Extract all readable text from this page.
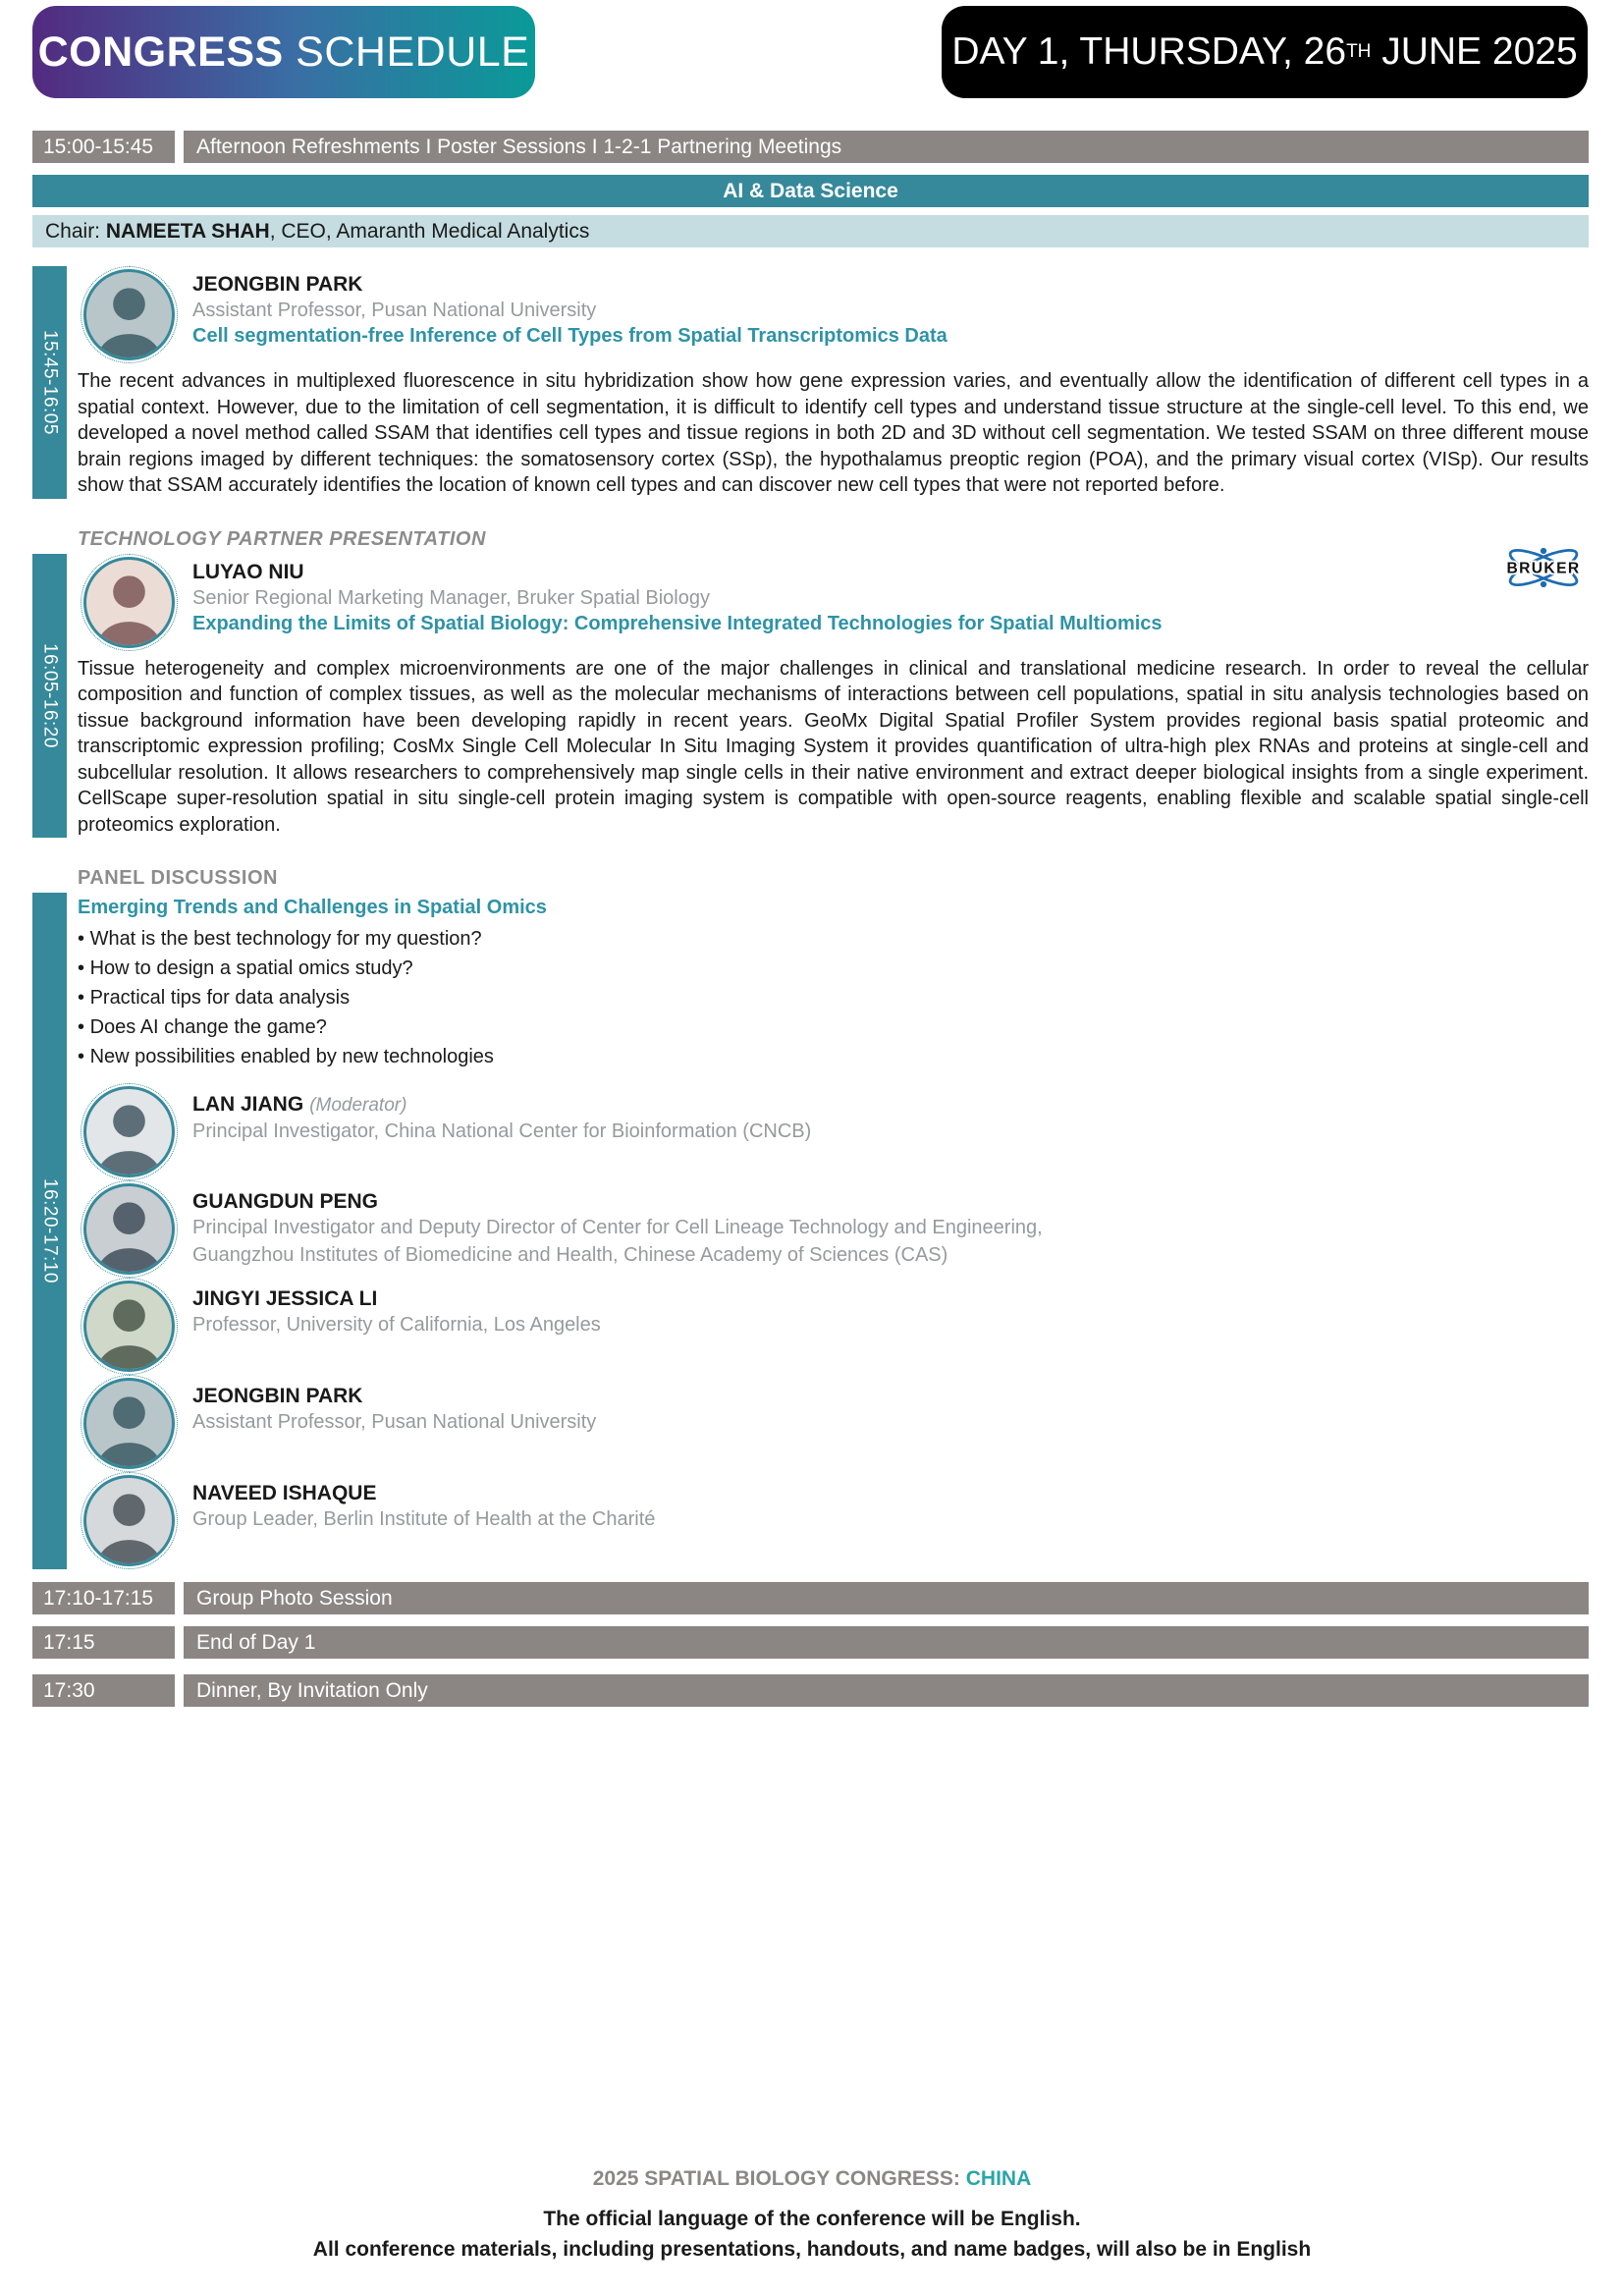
CONGRESS SCHEDULE	DAY 1, THURSDAY, 26 TH JUNE 2025
15:00-15:45	Afternoon Refreshments I Poster Sessions I 1-2-1 Partnering Meetings
AI & Data Science
Chair: NAMEETA SHAH , CEO, Amaranth Medical Analytics
15:45-16:05
JEONGBIN PARK
Assistant Professor, Pusan National University
Cell segmentation-free Inference of Cell Types from Spatial Transcriptomics Data
The recent advances in multiplexed fluorescence in situ hybridization show how gene expression varies, and eventually allow the identification of different cell types in a spatial context. However, due to the limitation of cell segmentation, it is difficult to identify cell types and understand tissue structure at the single-cell level. To this end, we developed a novel method called SSAM that identifies cell types and tissue regions in both 2D and 3D without cell segmentation. We tested SSAM on three different mouse brain regions imaged by different techniques: the somatosensory cortex (SSp), the hypothalamus preoptic region (POA), and the primary visual cortex (VISp). Our results show that SSAM accurately identifies the location of known cell types and can discover new cell types that were not reported before.
TECHNOLOGY PARTNER PRESENTATION
16:05-16:20
BRUKER
LUYAO NIU
Senior Regional Marketing Manager, Bruker Spatial Biology
Expanding the Limits of Spatial Biology: Comprehensive Integrated Technologies for Spatial Multiomics
Tissue heterogeneity and complex microenvironments are one of the major challenges in clinical and translational medicine research. In order to reveal the cellular composition and function of complex tissues, as well as the molecular mechanisms of interactions between cell populations, spatial in situ analysis technologies based on tissue background information have been developing rapidly in recent years. GeoMx Digital Spatial Profiler System provides regional basis spatial proteomic and transcriptomic expression profiling; CosMx Single Cell Molecular In Situ Imaging System it provides quantification of ultra-high plex RNAs and proteins at single-cell and subcellular resolution. It allows researchers to comprehensively map single cells in their native environment and extract deeper biological insights from a single experiment. CellScape super-resolution spatial in situ single-cell protein imaging system is compatible with open-source reagents, enabling flexible and scalable spatial single-cell proteomics exploration.
PANEL DISCUSSION
16:20-17:10
Emerging Trends and Challenges in Spatial Omics
• What is the best technology for my question?
• How to design a spatial omics study?
• Practical tips for data analysis
• Does AI change the game?
• New possibilities enabled by new technologies
LAN JIANG (Moderator)
Principal Investigator, China National Center for Bioinformation (CNCB)
GUANGDUN PENG
Principal Investigator and Deputy Director of Center for Cell Lineage Technology and Engineering,
Guangzhou Institutes of Biomedicine and Health, Chinese Academy of Sciences (CAS)
JINGYI JESSICA LI
Professor, University of California, Los Angeles
JEONGBIN PARK
Assistant Professor, Pusan National University
NAVEED ISHAQUE
Group Leader, Berlin Institute of Health at the Charité
17:10-17:15	Group Photo Session
17:15	End of Day 1
17:30	Dinner, By Invitation Only
2025 SPATIAL BIOLOGY CONGRESS: CHINA
The official language of the conference will be English.
All conference materials, including presentations, handouts, and name badges, will also be in English
